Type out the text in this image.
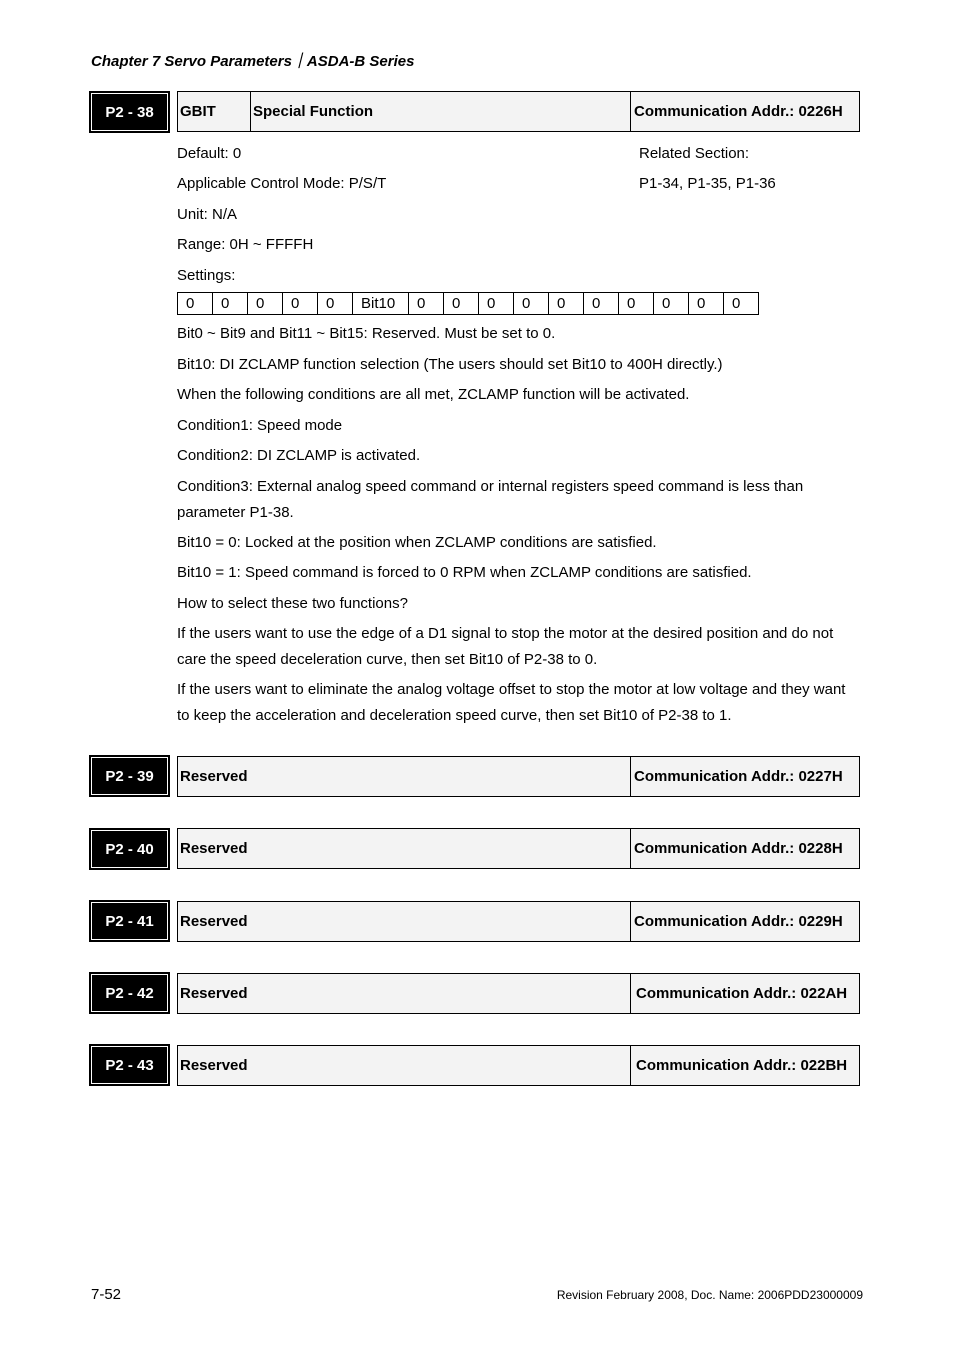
Chapter 7 Servo Parameters｜ASDA-B Series
P2 - 38	GBIT	Special Function	Communication Addr.: 0226H
Default: 0
Applicable Control Mode: P/S/T
Unit: N/A
Range: 0H ~ FFFFH
Settings:
Related Section:
P1-34, P1-35, P1-36
0	0	0	0	0	Bit10	0	0	0	0	0	0	0	0	0	0
Bit0 ~ Bit9 and Bit11 ~ Bit15: Reserved. Must be set to 0.
Bit10: DI ZCLAMP function selection (The users should set Bit10 to 400H directly.)
When the following conditions are all met, ZCLAMP function will be activated.
Condition1: Speed mode
Condition2: DI ZCLAMP is activated.
Condition3: External analog speed command or internal registers speed command is less than parameter P1-38.
Bit10 = 0: Locked at the position when ZCLAMP conditions are satisfied.
Bit10 = 1: Speed command is forced to 0 RPM when ZCLAMP conditions are satisfied.
How to select these two functions?
If the users want to use the edge of a D1 signal to stop the motor at the desired position and do not care the speed deceleration curve, then set Bit10 of P2-38 to 0.
If the users want to eliminate the analog voltage offset to stop the motor at low voltage and they want to keep the acceleration and deceleration speed curve, then set Bit10 of P2-38 to 1.
P2 - 39	Reserved	Communication Addr.: 0227H
P2 - 40	Reserved	Communication Addr.: 0228H
P2 - 41	Reserved	Communication Addr.: 0229H
P2 - 42	Reserved	Communication Addr.: 022AH
P2 - 43	Reserved	Communication Addr.: 022BH
7-52	Revision February 2008, Doc. Name: 2006PDD23000009
